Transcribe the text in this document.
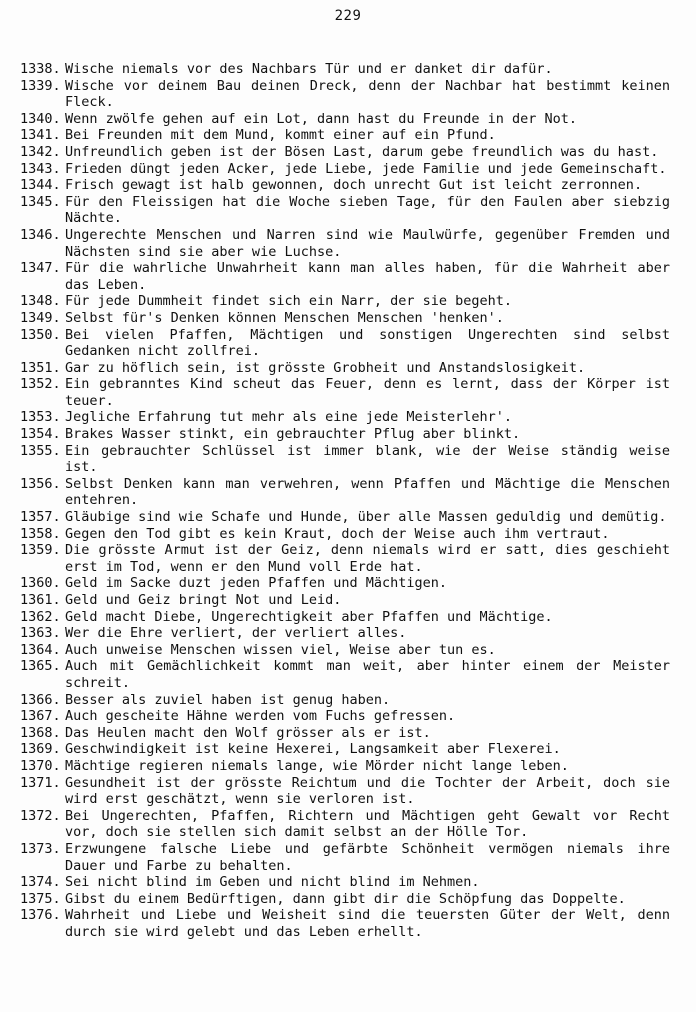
229
1338. Wische niemals vor des Nachbars Tür und er danket dir dafür.
1339. Wische vor deinem Bau deinen Dreck, denn der Nachbar hat bestimmt keinen Fleck.
1340. Wenn zwölfe gehen auf ein Lot, dann hast du Freunde in der Not.
1341. Bei Freunden mit dem Mund, kommt einer auf ein Pfund.
1342. Unfreundlich geben ist der Bösen Last, darum gebe freundlich was du hast.
1343. Frieden düngt jeden Acker, jede Liebe, jede Familie und jede Gemeinschaft.
1344. Frisch gewagt ist halb gewonnen, doch unrecht Gut ist leicht zerronnen.
1345. Für den Fleissigen hat die Woche sieben Tage, für den Faulen aber siebzig Nächte.
1346. Ungerechte Menschen und Narren sind wie Maulwürfe, gegenüber Fremden und Nächsten sind sie aber wie Luchse.
1347. Für die wahrliche Unwahrheit kann man alles haben, für die Wahrheit aber das Leben.
1348. Für jede Dummheit findet sich ein Narr, der sie begeht.
1349. Selbst für's Denken können Menschen Menschen 'henken'.
1350. Bei vielen Pfaffen, Mächtigen und sonstigen Ungerechten sind selbst Gedanken nicht zollfrei.
1351. Gar zu höflich sein, ist grösste Grobheit und Anstandslosigkeit.
1352. Ein gebranntes Kind scheut das Feuer, denn es lernt, dass der Körper ist teuer.
1353. Jegliche Erfahrung tut mehr als eine jede Meisterlehr'.
1354. Brakes Wasser stinkt, ein gebrauchter Pflug aber blinkt.
1355. Ein gebrauchter Schlüssel ist immer blank, wie der Weise ständig weise ist.
1356. Selbst Denken kann man verwehren, wenn Pfaffen und Mächtige die Menschen entehren.
1357. Gläubige sind wie Schafe und Hunde, über alle Massen geduldig und demütig.
1358. Gegen den Tod gibt es kein Kraut, doch der Weise auch ihm vertraut.
1359. Die grösste Armut ist der Geiz, denn niemals wird er satt, dies geschieht erst im Tod, wenn er den Mund voll Erde hat.
1360. Geld im Sacke duzt jeden Pfaffen und Mächtigen.
1361. Geld und Geiz bringt Not und Leid.
1362. Geld macht Diebe, Ungerechtigkeit aber Pfaffen und Mächtige.
1363. Wer die Ehre verliert, der verliert alles.
1364. Auch unweise Menschen wissen viel, Weise aber tun es.
1365. Auch mit Gemächlichkeit kommt man weit, aber hinter einem der Meister schreit.
1366. Besser als zuviel haben ist genug haben.
1367. Auch gescheite Hähne werden vom Fuchs gefressen.
1368. Das Heulen macht den Wolf grösser als er ist.
1369. Geschwindigkeit ist keine Hexerei, Langsamkeit aber Flexerei.
1370. Mächtige regieren niemals lange, wie Mörder nicht lange leben.
1371. Gesundheit ist der grösste Reichtum und die Tochter der Arbeit, doch sie wird erst geschätzt, wenn sie verloren ist.
1372. Bei Ungerechten, Pfaffen, Richtern und Mächtigen geht Gewalt vor Recht vor, doch sie stellen sich damit selbst an der Hölle Tor.
1373. Erzwungene falsche Liebe und gefärbte Schönheit vermögen niemals ihre Dauer und Farbe zu behalten.
1374. Sei nicht blind im Geben und nicht blind im Nehmen.
1375. Gibst du einem Bedürftigen, dann gibt dir die Schöpfung das Doppelte.
1376. Wahrheit und Liebe und Weisheit sind die teuersten Güter der Welt, denn durch sie wird gelebt und das Leben erhellt.
